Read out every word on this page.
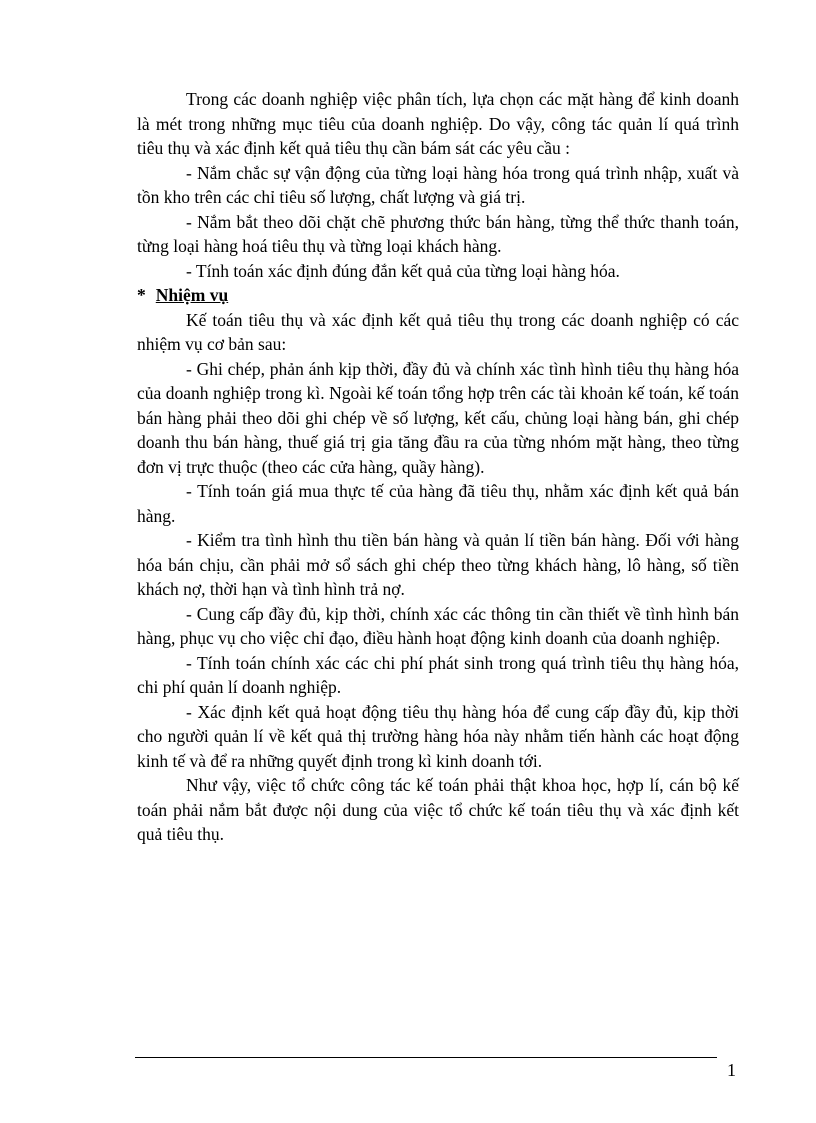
Trong các doanh nghiệp việc phân tích, lựa chọn các mặt hàng để kinh doanh là mét trong những mục tiêu của doanh nghiệp. Do vậy, công tác quản lí quá trình tiêu thụ và xác định kết quả tiêu thụ cần bám sát các yêu cầu :

- Nắm chắc sự vận động của từng loại hàng hóa trong quá trình nhập, xuất và tồn kho trên các chỉ tiêu số lượng, chất lượng và giá trị.

- Nắm bắt theo dõi chặt chẽ phương thức bán hàng, từng thể thức thanh toán, từng loại hàng hoá tiêu thụ và từng loại khách hàng.

- Tính toán xác định đúng đắn kết quả của từng loại hàng hóa.

* Nhiệm vụ

Kế toán tiêu thụ và xác định kết quả tiêu thụ trong các doanh nghiệp có các nhiệm vụ cơ bản sau:

- Ghi chép, phản ánh kịp thời, đầy đủ và chính xác tình hình tiêu thụ hàng hóa của doanh nghiệp trong kì. Ngoài kế toán tổng hợp trên các tài khoản kế toán, kế toán bán hàng phải theo dõi ghi chép về số lượng, kết cấu, chủng loại hàng bán, ghi chép doanh thu bán hàng, thuế giá trị gia tăng đầu ra của từng nhóm mặt hàng, theo từng đơn vị trực thuộc (theo các cửa hàng, quầy hàng).

- Tính toán giá mua thực tế của hàng đã tiêu thụ, nhằm xác định kết quả bán hàng.

- Kiểm tra tình hình thu tiền bán hàng và quản lí tiền bán hàng. Đối với hàng hóa bán chịu, cần phải mở sổ sách ghi chép theo từng khách hàng, lô hàng, số tiền khách nợ, thời hạn và tình hình trả nợ.

- Cung cấp đầy đủ, kịp thời, chính xác các thông tin cần thiết về tình hình bán hàng, phục vụ cho việc chỉ đạo, điều hành hoạt động kinh doanh của doanh nghiệp.

- Tính toán chính xác các chi phí phát sinh trong quá trình tiêu thụ hàng hóa, chi phí quản lí doanh nghiệp.

- Xác định kết quả hoạt động tiêu thụ hàng hóa để cung cấp đầy đủ, kịp thời cho người quản lí về kết quả thị trường hàng hóa này nhằm tiến hành các hoạt động kinh tế và để ra những quyết định trong kì kinh doanh tới.

Như vậy, việc tổ chức công tác kế toán phải thật khoa học, hợp lí, cán bộ kế toán phải nắm bắt được nội dung của việc tổ chức kế toán tiêu thụ và xác định kết quả tiêu thụ.

1
